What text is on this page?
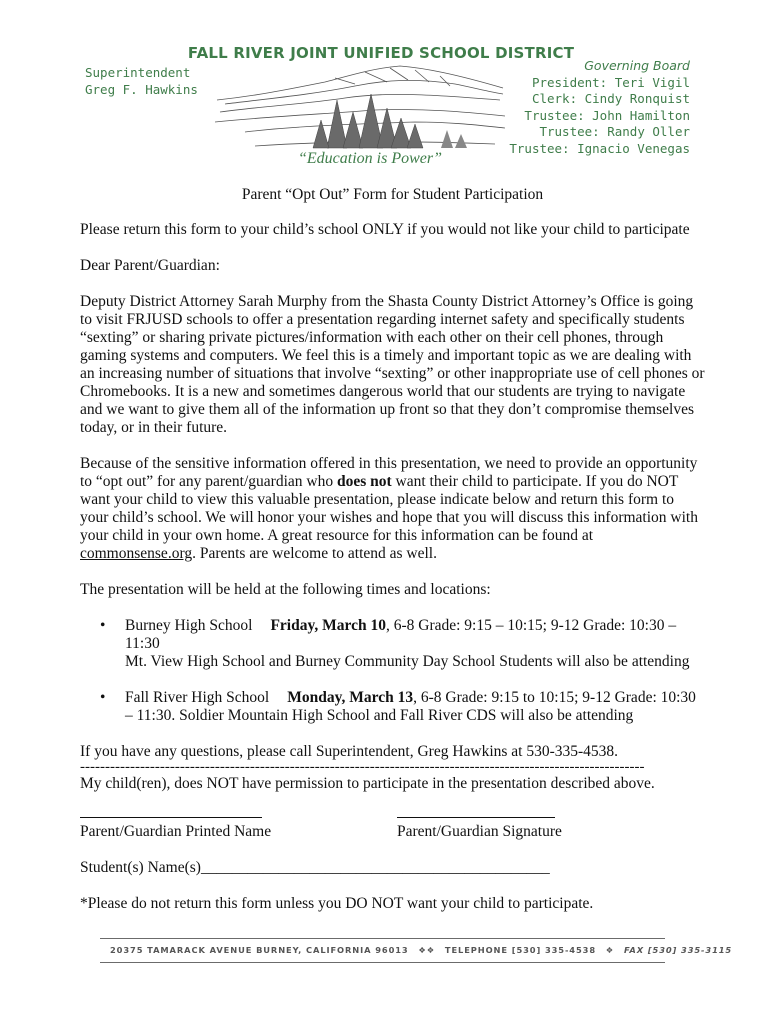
FALL RIVER JOINT UNIFIED SCHOOL DISTRICT
Superintendent
Greg F. Hawkins
Governing Board
President: Teri Vigil
Clerk: Cindy Ronquist
Trustee: John Hamilton
Trustee: Randy Oller
Trustee: Ignacio Venegas
“Education is Power”

Parent “Opt Out” Form for Student Participation

Please return this form to your child’s school ONLY if you would not like your child to participate

Dear Parent/Guardian:

Deputy District Attorney Sarah Murphy from the Shasta County District Attorney’s Office is going to visit FRJUSD schools to offer a presentation regarding internet safety and specifically students “sexting” or sharing private pictures/information with each other on their cell phones, through gaming systems and computers. We feel this is a timely and important topic as we are dealing with an increasing number of situations that involve “sexting” or other inappropriate use of cell phones or Chromebooks. It is a new and sometimes dangerous world that our students are trying to navigate and we want to give them all of the information up front so that they don’t compromise themselves today, or in their future.

Because of the sensitive information offered in this presentation, we need to provide an opportunity to “opt out” for any parent/guardian who does not want their child to participate. If you do NOT want your child to view this valuable presentation, please indicate below and return this form to your child’s school. We will honor your wishes and hope that you will discuss this information with your child in your own home. A great resource for this information can be found at commonsense.org. Parents are welcome to attend as well.

The presentation will be held at the following times and locations:

• Burney High School Friday, March 10, 6-8 Grade: 9:15 – 10:15; 9-12 Grade: 10:30 – 11:30
Mt. View High School and Burney Community Day School Students will also be attending
• Fall River High School Monday, March 13, 6-8 Grade: 9:15 to 10:15; 9-12 Grade: 10:30 – 11:30. Soldier Mountain High School and Fall River CDS will also be attending

If you have any questions, please call Superintendent, Greg Hawkins at 530-335-4538.

-----------------------------------------------------------------------------------------------------------------

My child(ren), does NOT have permission to participate in the presentation described above.

Parent/Guardian Printed Name	Parent/Guardian Signature

Student(s) Name(s)_____________________________________________

*Please do not return this form unless you DO NOT want your child to participate.

20375 TAMARACK AVENUE BURNEY, CALIFORNIA 96013 ❖❖ TELEPHONE [530] 335-4538 ❖ FAX [530] 335-3115
